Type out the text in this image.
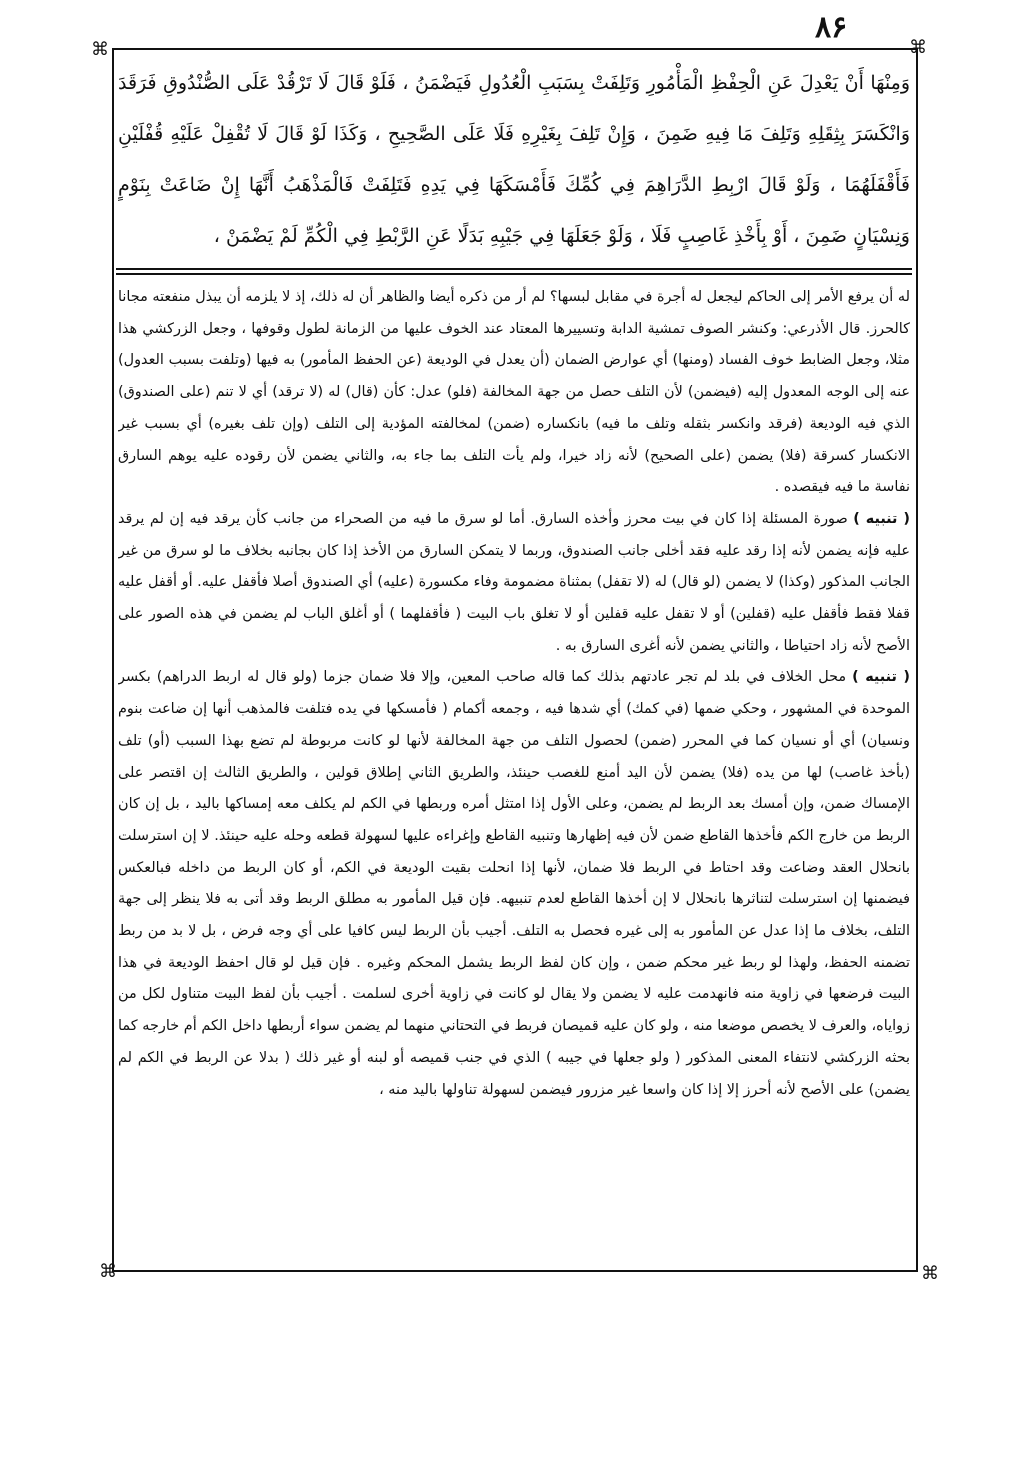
۸۶
⌘	⌘
⌘	⌘
وَمِنْهَا أَنْ يَعْدِلَ عَنِ الْحِفْظِ الْمَأْمُورِ وَتَلِفَتْ بِسَبَبِ الْعُدُولِ فَيَضْمَنُ ، فَلَوْ قَالَ لَا تَرْقُدْ عَلَى الصُّنْدُوقِ فَرَقَدَ وَانْكَسَرَ بِثِقَلِهِ وَتَلِفَ مَا فِيهِ ضَمِنَ ، وَإِنْ تَلِفَ بِغَيْرِهِ فَلَا عَلَى الصَّحِيحِ ، وَكَذَا لَوْ قَالَ لَا تُقْفِلْ عَلَيْهِ قُفْلَيْنِ فَأَقْفَلَهُمَا ، وَلَوْ قَالَ ارْبِطِ الدَّرَاهِمَ فِي كُمِّكَ فَأَمْسَكَهَا فِي يَدِهِ فَتَلِفَتْ فَالْمَذْهَبُ أَنَّهَا إِنْ ضَاعَتْ بِنَوْمٍ وَنِسْيَانٍ ضَمِنَ ، أَوْ بِأَخْذِ غَاصِبٍ فَلَا ، وَلَوْ جَعَلَهَا فِي جَيْبِهِ بَدَلًا عَنِ الرَّبْطِ فِي الْكُمِّ لَمْ يَضْمَنْ ،

له أن يرفع الأمر إلى الحاكم ليجعل له أجرة في مقابل لبسها؟ لم أر من ذكره أيضا والظاهر أن له ذلك، إذ لا يلزمه أن يبذل منفعته مجانا كالحرز. قال الأذرعي: وكنشر الصوف تمشية الدابة وتسييرها المعتاد عند الخوف عليها من الزمانة لطول وقوفها ، وجعل الزركشي هذا مثلا، وجعل الضابط خوف الفساد (ومنها) أي عوارض الضمان (أن يعدل في الوديعة (عن الحفظ المأمور) به فيها (وتلفت بسبب العدول) عنه إلى الوجه المعدول إليه (فيضمن) لأن التلف حصل من جهة المخالفة (فلو) عدل: كأن (قال) له (لا ترقد) أي لا تنم (على الصندوق) الذي فيه الوديعة (فرقد وانكسر بثقله وتلف ما فيه) بانكساره (ضمن) لمخالفته المؤدية إلى التلف (وإن تلف بغيره) أي بسبب غير الانكسار كسرقة (فلا) يضمن (على الصحيح) لأنه زاد خيرا، ولم يأت التلف بما جاء به، والثاني يضمن لأن رقوده عليه يوهم السارق نفاسة ما فيه فيقصده .

( تنبيه ) صورة المسئلة إذا كان في بيت محرز وأخذه السارق. أما لو سرق ما فيه من الصحراء من جانب كأن يرقد فيه إن لم يرقد عليه فإنه يضمن لأنه إذا رقد عليه فقد أخلى جانب الصندوق، وربما لا يتمكن السارق من الأخذ إذا كان بجانبه بخلاف ما لو سرق من غير الجانب المذكور (وكذا) لا يضمن (لو قال) له (لا تقفل) بمثناة مضمومة وفاء مكسورة (عليه) أي الصندوق أصلا فأقفل عليه. أو أقفل عليه قفلا فقط فأقفل عليه (قفلين) أو لا تقفل عليه قفلين أو لا تغلق باب البيت ( فأقفلهما ) أو أغلق الباب لم يضمن في هذه الصور على الأصح لأنه زاد احتياطا ، والثاني يضمن لأنه أغرى السارق به .

( تنبيه ) محل الخلاف في بلد لم تجر عادتهم بذلك كما قاله صاحب المعين، وإلا فلا ضمان جزما (ولو قال له اربط الدراهم) بكسر الموحدة في المشهور ، وحكي ضمها (في كمك) أي شدها فيه ، وجمعه أكمام ( فأمسكها في يده فتلفت فالمذهب أنها إن ضاعت بنوم ونسيان) أي أو نسيان كما في المحرر (ضمن) لحصول التلف من جهة المخالفة لأنها لو كانت مربوطة لم تضع بهذا السبب (أو) تلف (بأخذ غاصب) لها من يده (فلا) يضمن لأن اليد أمنع للغصب حينئذ، والطريق الثاني إطلاق قولين ، والطريق الثالث إن اقتصر على الإمساك ضمن، وإن أمسك بعد الربط لم يضمن، وعلى الأول إذا امتثل أمره وربطها في الكم لم يكلف معه إمساكها باليد ، بل إن كان الربط من خارج الكم فأخذها القاطع ضمن لأن فيه إظهارها وتنبيه القاطع وإغراءه عليها لسهولة قطعه وحله عليه حينئذ. لا إن استرسلت بانحلال العقد وضاعت وقد احتاط في الربط فلا ضمان، لأنها إذا انحلت بقيت الوديعة في الكم، أو كان الربط من داخله فبالعكس فيضمنها إن استرسلت لتناثرها بانحلال لا إن أخذها القاطع لعدم تنبيهه. فإن قيل المأمور به مطلق الربط وقد أتى به فلا ينظر إلى جهة التلف، بخلاف ما إذا عدل عن المأمور به إلى غيره فحصل به التلف. أجيب بأن الربط ليس كافيا على أي وجه فرض ، بل لا بد من ربط تضمنه الحفظ، ولهذا لو ربط غير محكم ضمن ، وإن كان لفظ الربط يشمل المحكم وغيره . فإن قيل لو قال احفظ الوديعة في هذا البيت فرضعها في زاوية منه فانهدمت عليه لا يضمن ولا يقال لو كانت في زاوية أخرى لسلمت . أجيب بأن لفظ البيت متناول لكل من زواياه، والعرف لا يخصص موضعا منه ، ولو كان عليه قميصان فربط في التحتاني منهما لم يضمن سواء أربطها داخل الكم أم خارجه كما بحثه الزركشي لانتفاء المعنى المذكور ( ولو جعلها في جيبه ) الذي في جنب قميصه أو لبنه أو غير ذلك ( بدلا عن الربط في الكم لم يضمن) على الأصح لأنه أحرز إلا إذا كان واسعا غير مزرور فيضمن لسهولة تناولها باليد منه ،
